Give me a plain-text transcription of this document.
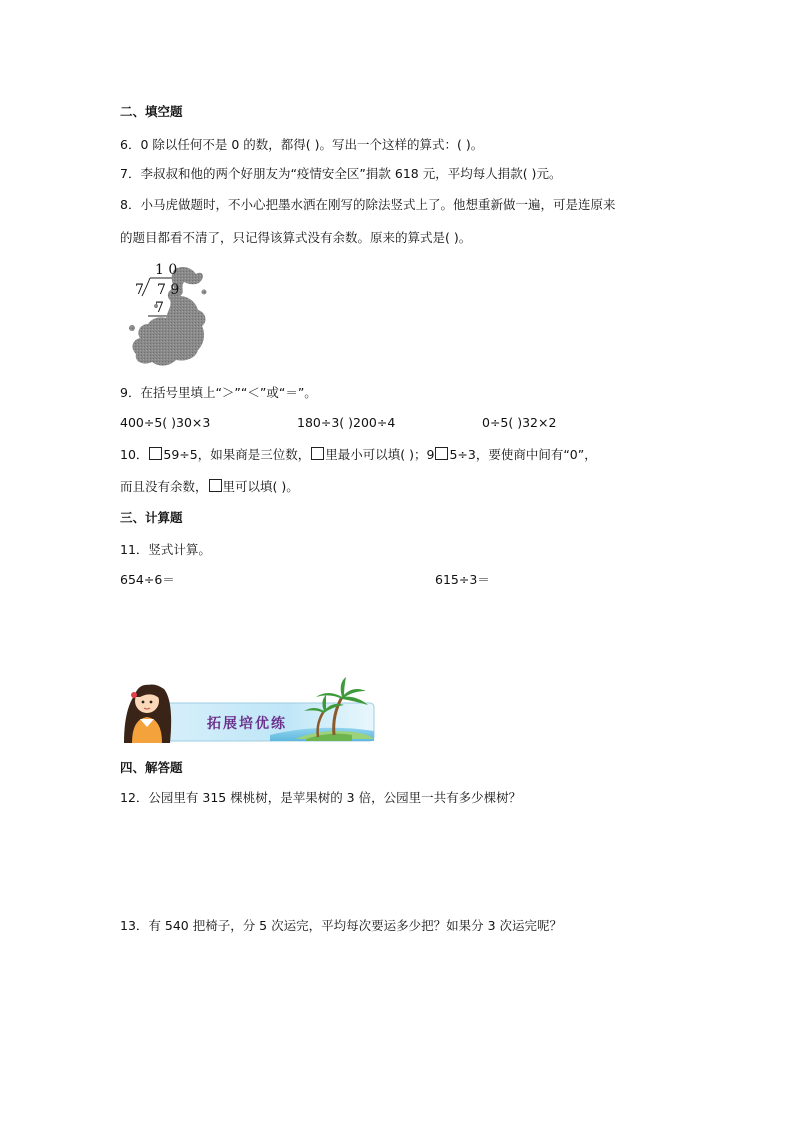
二、填空题
6．0 除以任何不是 0 的数，都得( )。写出一个这样的算式：( )。
7．李叔叔和他的两个好朋友为“疫情安全区”捐款 618 元，平均每人捐款( )元。
8．小马虎做题时，不小心把墨水洒在刚写的除法竖式上了。他想重新做一遍，可是连原来
的题目都看不清了，只记得该算式没有余数。原来的算式是( )。
1 0
7 7 9
7
9．在括号里填上“＞”“＜”或“＝”。
400÷5( )30×3	180÷3( )200÷4	0÷5( )32×2
10． 59÷5，如果商是三位数， 里最小可以填( )；9 5÷3，要使商中间有“0”，
而且没有余数， 里可以填( )。
三、计算题
11．竖式计算。
654÷6＝	615÷3＝
拓展培优练
四、解答题
12．公园里有 315 棵桃树，是苹果树的 3 倍，公园里一共有多少棵树？
13．有 540 把椅子，分 5 次运完，平均每次要运多少把？如果分 3 次运完呢？
